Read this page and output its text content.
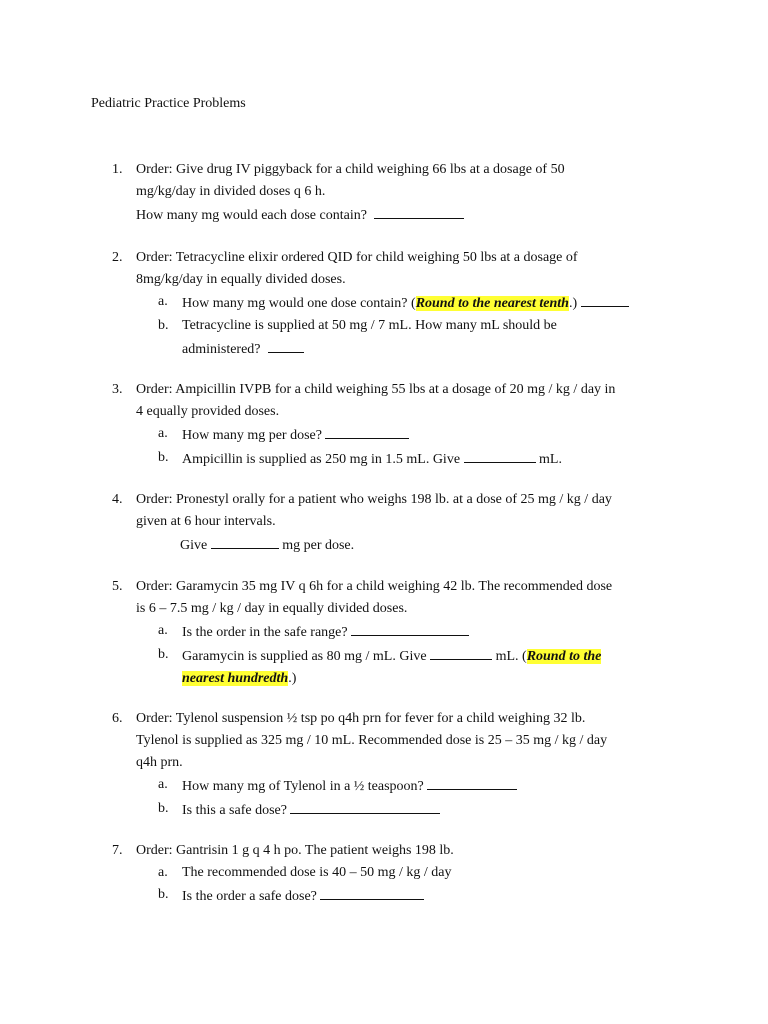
Pediatric Practice Problems
1. Order: Give drug IV piggyback for a child weighing 66 lbs at a dosage of 50
mg/kg/day in divided doses q 6 h.
How many mg would each dose contain?
2. Order: Tetracycline elixir ordered QID for child weighing 50 lbs at a dosage of
8mg/kg/day in equally divided doses.
a. How many mg would one dose contain? (Round to the nearest tenth.)
b. Tetracycline is supplied at 50 mg / 7 mL. How many mL should be
administered?
3. Order: Ampicillin IVPB for a child weighing 55 lbs at a dosage of 20 mg / kg / day in
4 equally provided doses.
a. How many mg per dose?
b. Ampicillin is supplied as 250 mg in 1.5 mL. Give	mL.
4. Order: Pronestyl orally for a patient who weighs 198 lb. at a dose of 25 mg / kg / day
given at 6 hour intervals.
Give	mg per dose.
5. Order: Garamycin 35 mg IV q 6h for a child weighing 42 lb. The recommended dose
is 6 – 7.5 mg / kg / day in equally divided doses.
a. Is the order in the safe range?
b. Garamycin is supplied as 80 mg / mL. Give	mL. (Round to the
nearest hundredth.)
6. Order: Tylenol suspension ½ tsp po q4h prn for fever for a child weighing 32 lb.
Tylenol is supplied as 325 mg / 10 mL. Recommended dose is 25 – 35 mg / kg / day
q4h prn.
a. How many mg of Tylenol in a ½ teaspoon?
b. Is this a safe dose?
7. Order: Gantrisin 1 g q 4 h po. The patient weighs 198 lb.
a. The recommended dose is 40 – 50 mg / kg / day
b. Is the order a safe dose?
